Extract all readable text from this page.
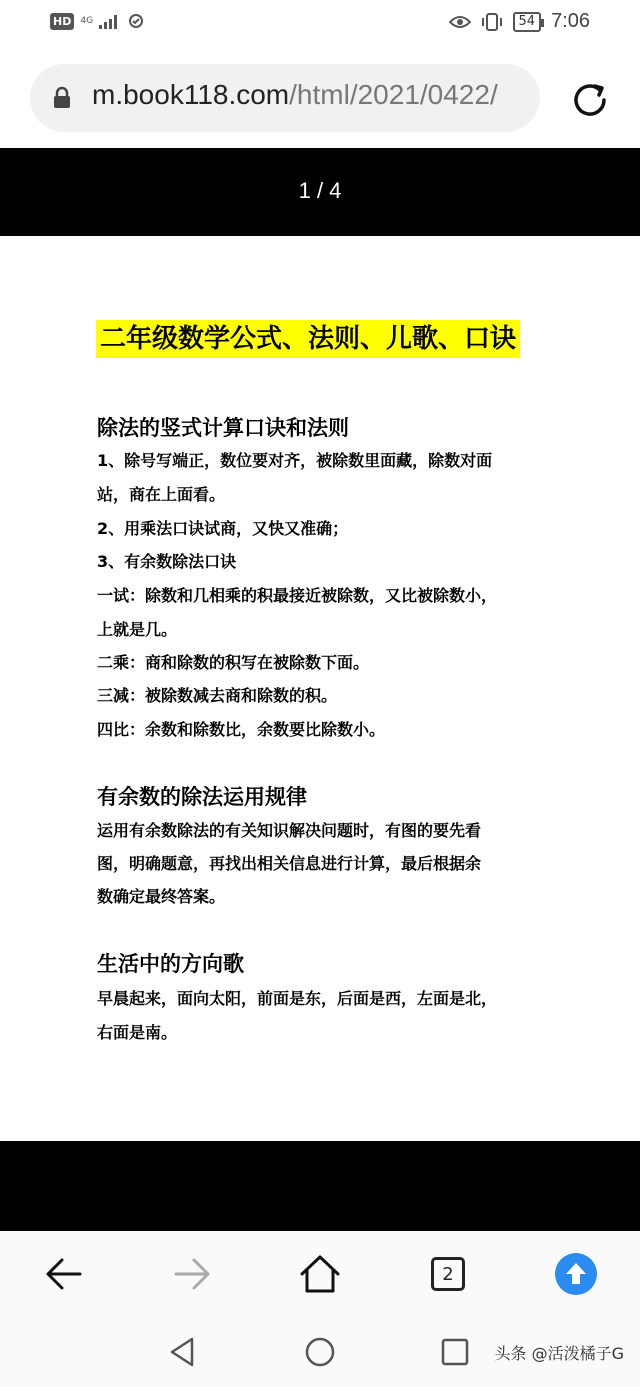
HD	4G	54 7:06
m.book118.com/html/2021/0422/
1 / 4
二年级数学公式、法则、儿歌、口诀
除法的竖式计算口诀和法则
1、除号写端正，数位要对齐，被除数里面藏，除数对面
站，商在上面看。
2、用乘法口诀试商，又快又准确；
3、有余数除法口诀
一试：除数和几相乘的积最接近被除数，又比被除数小，
上就是几。
二乘：商和除数的积写在被除数下面。
三减：被除数减去商和除数的积。
四比：余数和除数比，余数要比除数小。
有余数的除法运用规律
运用有余数除法的有关知识解决问题时，有图的要先看
图，明确题意，再找出相关信息进行计算，最后根据余
数确定最终答案。
生活中的方向歌
早晨起来，面向太阳，前面是东，后面是西，左面是北，
右面是南。
2
头条 @活泼橘子G
